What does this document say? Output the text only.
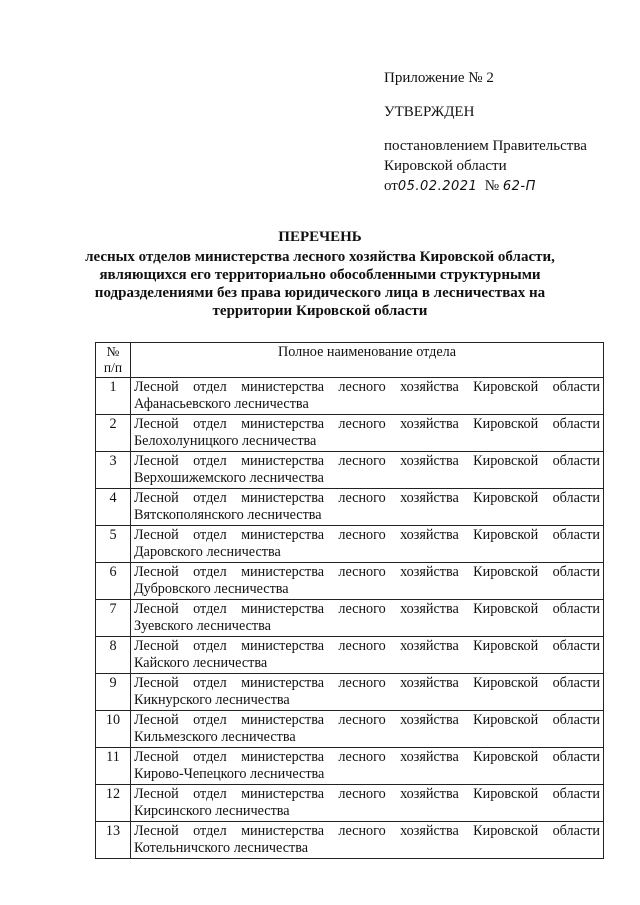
Приложение № 2
УТВЕРЖДЕН
постановлением Правительства
Кировской области
от05.02.2021 № 62-П
ПЕРЕЧЕНЬ
лесных отделов министерства лесного хозяйства Кировской области,
являющихся его территориально обособленными структурными
подразделениями без права юридического лица в лесничествах на
территории Кировской области
№
п/п	Полное наименование отдела
1	Лесной отдел министерства лесного хозяйства Кировской области
Афанасьевского лесничества

2	Лесной отдел министерства лесного хозяйства Кировской области
Белохолуницкого лесничества

3	Лесной отдел министерства лесного хозяйства Кировской области
Верхошижемского лесничества

4	Лесной отдел министерства лесного хозяйства Кировской области
Вятскополянского лесничества

5	Лесной отдел министерства лесного хозяйства Кировской области
Даровского лесничества

6	Лесной отдел министерства лесного хозяйства Кировской области
Дубровского лесничества

7	Лесной отдел министерства лесного хозяйства Кировской области
Зуевского лесничества

8	Лесной отдел министерства лесного хозяйства Кировской области
Кайского лесничества

9	Лесной отдел министерства лесного хозяйства Кировской области
Кикнурского лесничества

10	Лесной отдел министерства лесного хозяйства Кировской области
Кильмезского лесничества

11	Лесной отдел министерства лесного хозяйства Кировской области
Кирово-Чепецкого лесничества

12	Лесной отдел министерства лесного хозяйства Кировской области
Кирсинского лесничества

13	Лесной отдел министерства лесного хозяйства Кировской области
Котельничского лесничества
